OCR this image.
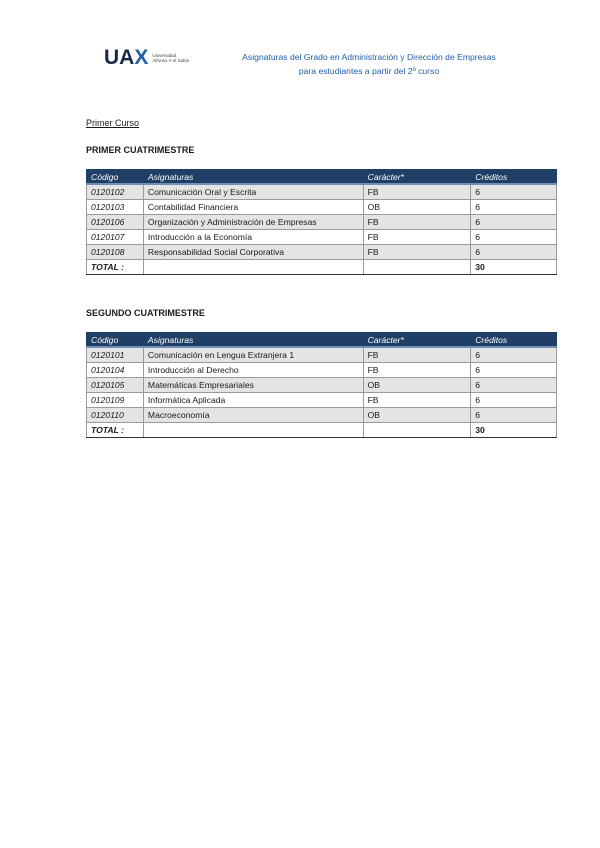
UAX Universidad
Alfonso X el Sabio	Asignaturas del Grado en Administración y Dirección de Empresas
para estudiantes a partir del 2º curso
Primer Curso
PRIMER CUATRIMESTRE
Código	Asignaturas	Carácter*	Créditos
0120102	Comunicación Oral y Escrita	FB	6
0120103	Contabilidad Financiera	OB	6
0120106	Organización y Administración de Empresas	FB	6
0120107	Introducción a la Economía	FB	6
0120108	Responsabilidad Social Corporativa	FB	6
TOTAL :			30
SEGUNDO CUATRIMESTRE
Código	Asignaturas	Carácter*	Créditos
0120101	Comunicación en Lengua Extranjera 1	FB	6
0120104	Introducción al Derecho	FB	6
0120105	Matemáticas Empresariales	OB	6
0120109	Informática Aplicada	FB	6
0120110	Macroeconomía	OB	6
TOTAL :			30
